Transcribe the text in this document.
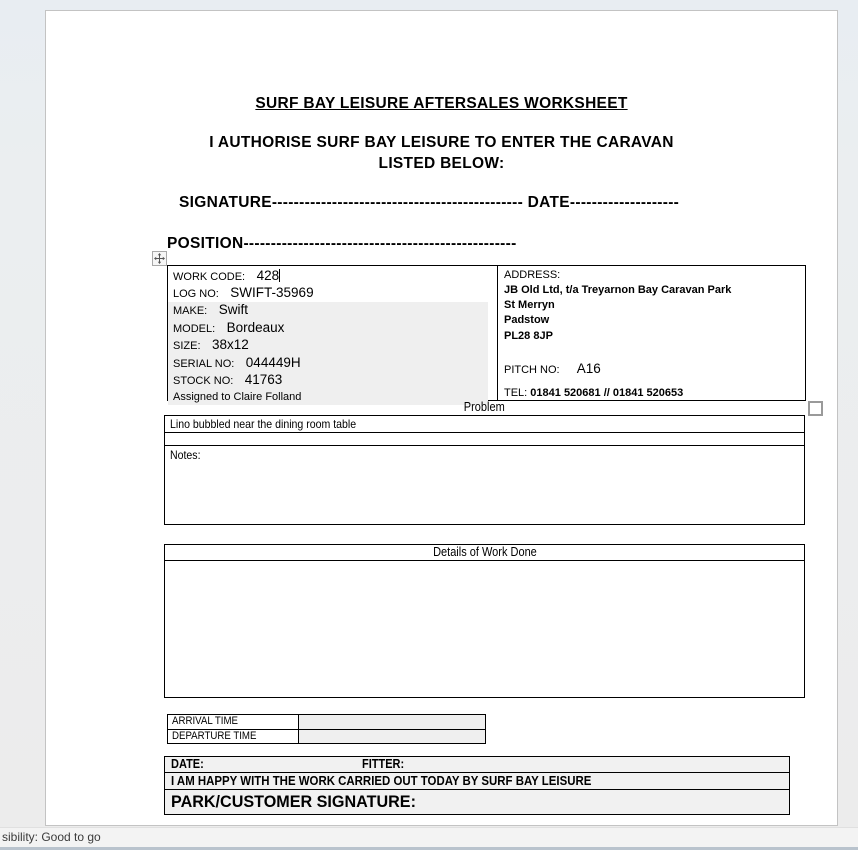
SURF BAY LEISURE AFTERSALES WORKSHEET
I AUTHORISE SURF BAY LEISURE TO ENTER THE CARAVAN
LISTED BELOW:
SIGNATURE---------------------------------------------- DATE--------------------
POSITION--------------------------------------------------
WORK CODE: 428
LOG NO: SWIFT-35969
MAKE: Swift
MODEL: Bordeaux
SIZE: 38x12
SERIAL NO: 044449H
STOCK NO: 41763
Assigned to Claire Folland
ADDRESS:
JB Old Ltd, t/a Treyarnon Bay Caravan Park
St Merryn
Padstow
PL28 8JP
PITCH NO: A16
TEL: 01841 520681 // 01841 520653
Problem
Lino bubbled near the dining room table
Notes:
Details of Work Done
ARRIVAL TIME
DEPARTURE TIME
DATE:	FITTER:
I AM HAPPY WITH THE WORK CARRIED OUT TODAY BY SURF BAY LEISURE
PARK/CUSTOMER SIGNATURE:
sibility: Good to go
